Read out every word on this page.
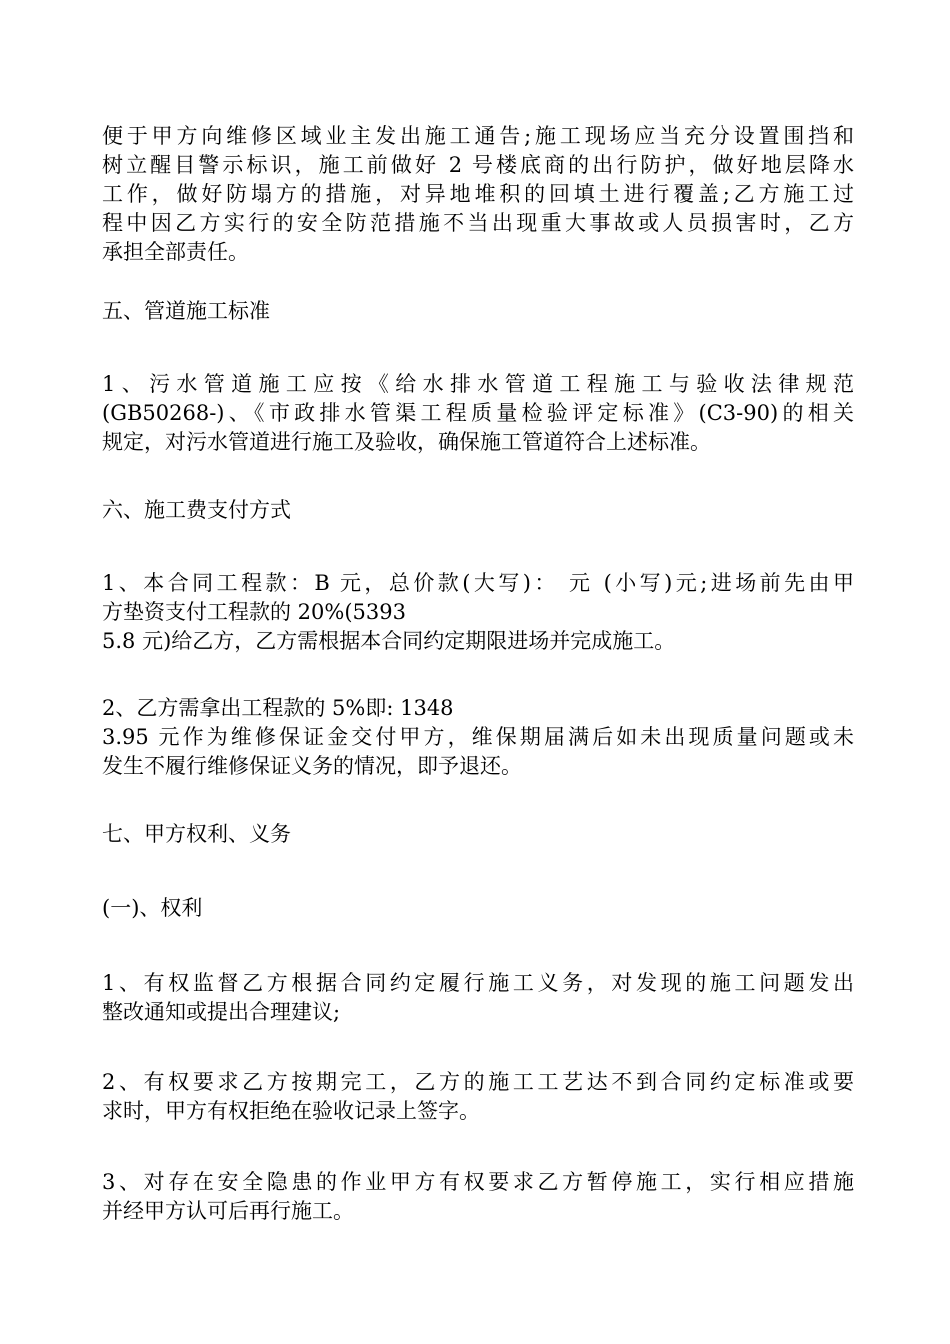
便于甲方向维修区域业主发出施工通告;施工现场应当充分设置围挡和
树立醒目警示标识，施工前做好 2 号楼底商的出行防护，做好地层降水
工作，做好防塌方的措施，对异地堆积的回填土进行覆盖;乙方施工过
程中因乙方实行的安全防范措施不当出现重大事故或人员损害时，乙方
承担全部责任。
五、管道施工标准
1、污水管道施工应按《给水排水管道工程施工与验收法律规范
(GB50268-)、《市政排水管渠工程质量检验评定标准》(C3-90)的相关
规定，对污水管道进行施工及验收，确保施工管道符合上述标准。
六、施工费支付方式
1、本合同工程款：B 元，总价款(大写)： 元 (小写)元;进场前先由甲
方垫资支付工程款的 20%(5393
5.8 元)给乙方，乙方需根据本合同约定期限进场并完成施工。
2、乙方需拿出工程款的 5%即: 1348
3.95 元作为维修保证金交付甲方，维保期届满后如未出现质量问题或未
发生不履行维修保证义务的情况，即予退还。
七、甲方权利、义务
(一)、权利
1、有权监督乙方根据合同约定履行施工义务，对发现的施工问题发出
整改通知或提出合理建议;
2、有权要求乙方按期完工，乙方的施工工艺达不到合同约定标准或要
求时，甲方有权拒绝在验收记录上签字。
3、对存在安全隐患的作业甲方有权要求乙方暂停施工，实行相应措施
并经甲方认可后再行施工。
